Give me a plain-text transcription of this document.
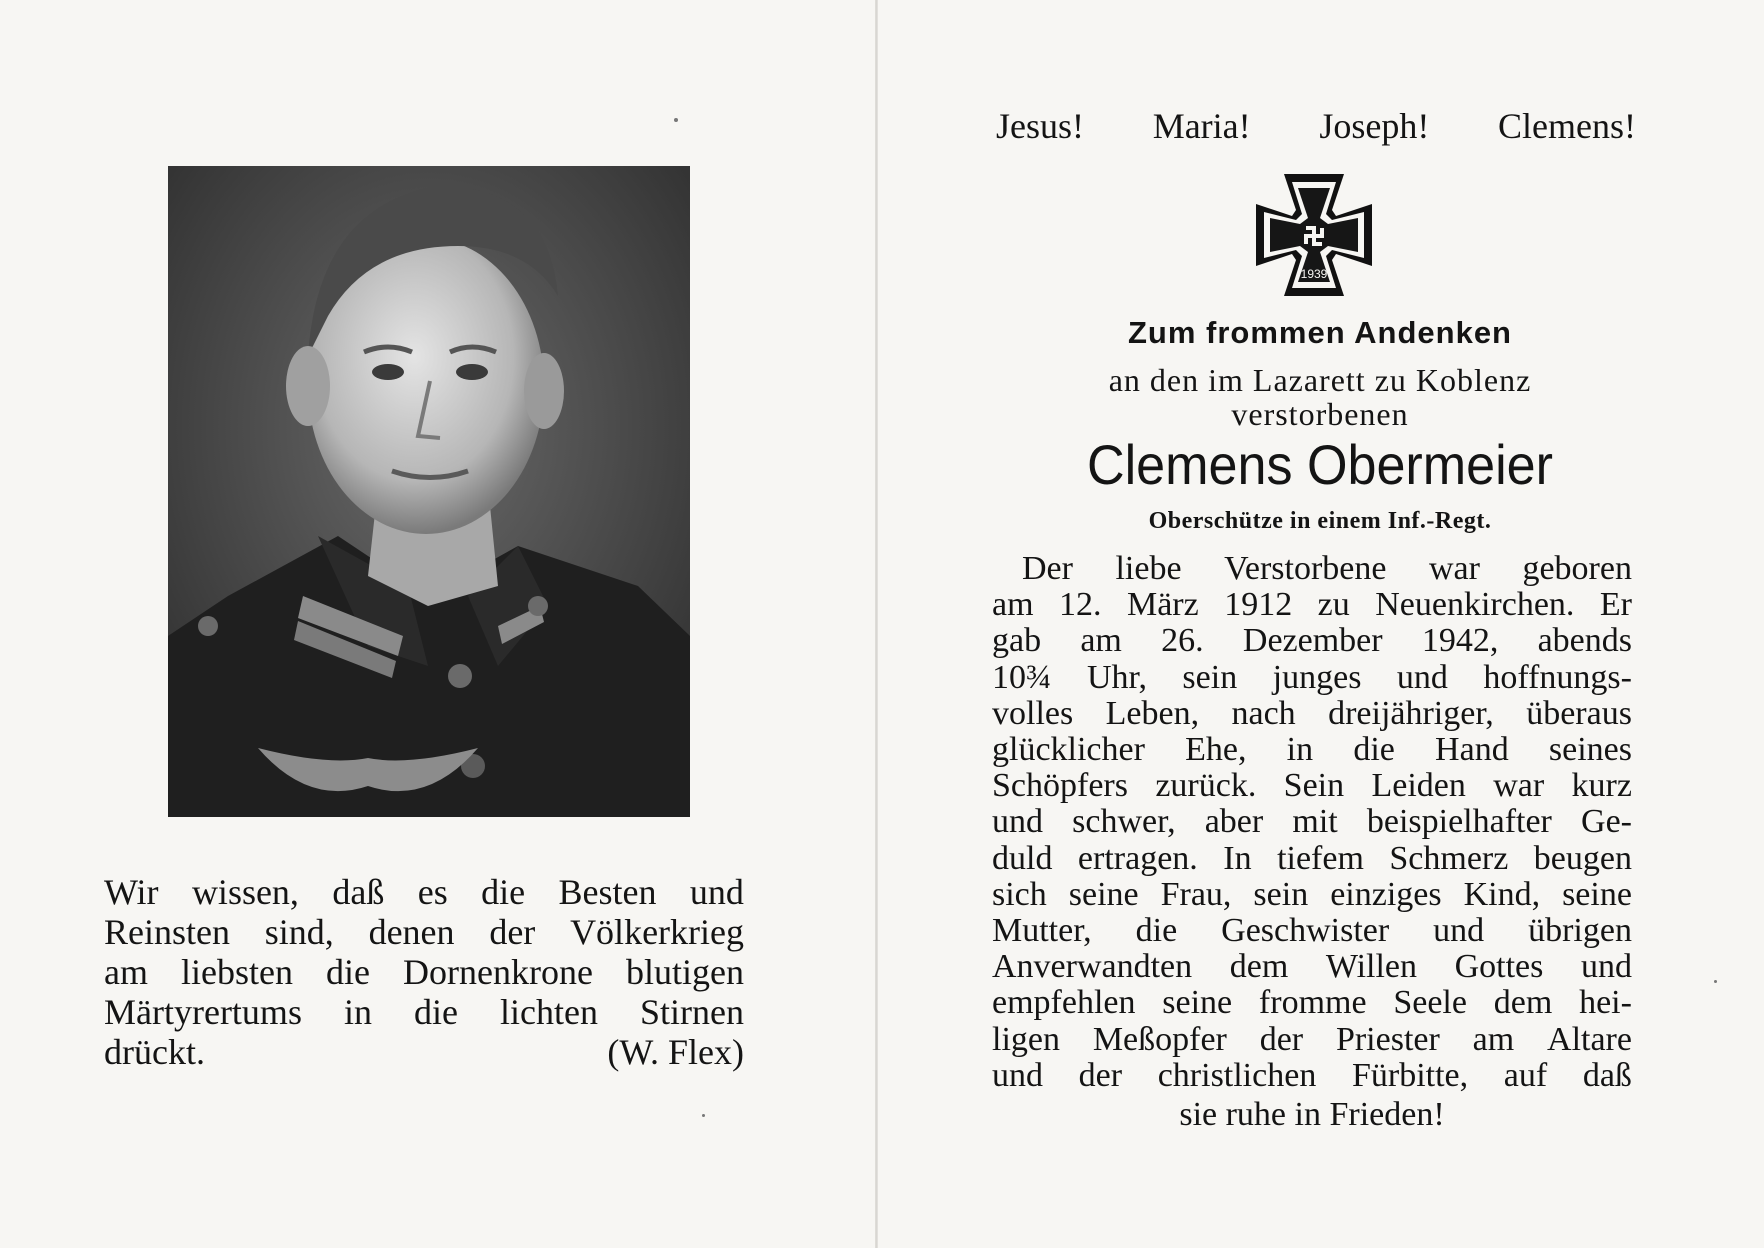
Wir wissen, daß es die Besten und
Reinsten sind, denen der Völkerkrieg
am liebsten die Dornenkrone blutigen
Märtyrertums in die lichten Stirnen
drückt.	(W. Flex)
Jesus! Maria! Joseph! Clemens!
1939
Zum frommen Andenken
an den im Lazarett zu Koblenz
verstorbenen
Clemens Obermeier
Oberschütze in einem Inf.-Regt.
Der liebe Verstorbene war geboren
am 12. März 1912 zu Neuenkirchen. Er
gab am 26. Dezember 1942, abends
10¾ Uhr, sein junges und hoffnungs-
volles Leben, nach dreijähriger, überaus
glücklicher Ehe, in die Hand seines
Schöpfers zurück. Sein Leiden war kurz
und schwer, aber mit beispielhafter Ge-
duld ertragen. In tiefem Schmerz beugen
sich seine Frau, sein einziges Kind, seine
Mutter, die Geschwister und übrigen
Anverwandten dem Willen Gottes und
empfehlen seine fromme Seele dem hei-
ligen Meßopfer der Priester am Altare
und der christlichen Fürbitte, auf daß
sie ruhe in Frieden!
